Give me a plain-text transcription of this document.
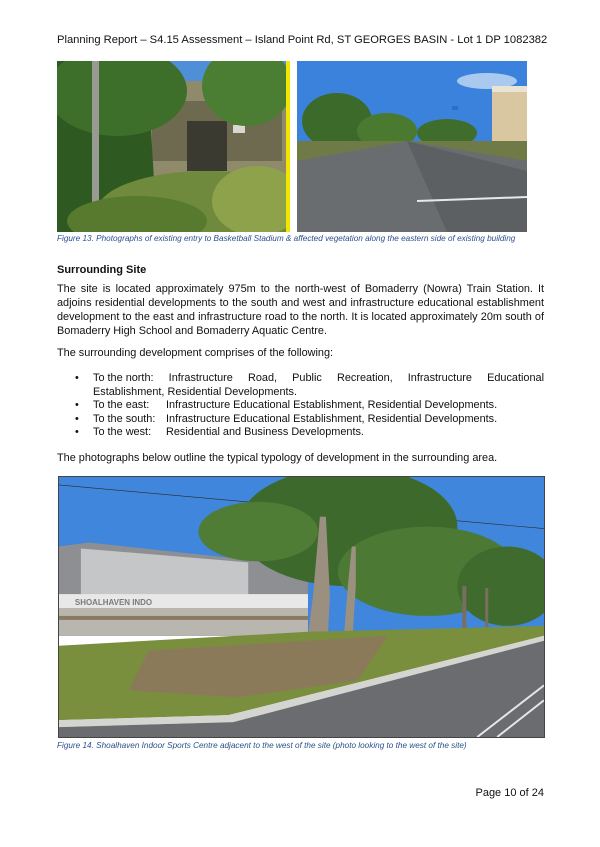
Planning Report – S4.15 Assessment – Island Point Rd, ST GEORGES BASIN - Lot 1 DP 1082382
Figure 13. Photographs of existing entry to Basketball Stadium & affected vegetation along the eastern side of existing building
Surrounding Site
The site is located approximately 975m to the north-west of Bomaderry (Nowra) Train Station. It adjoins residential developments to the south and west and infrastructure educational establishment development to the east and infrastructure road to the north. It is located approximately 20m south of Bomaderry High School and Bomaderry Aquatic Centre.
The surrounding development comprises of the following:
• To the north: Infrastructure Road, Public Recreation, Infrastructure Educational
Establishment, Residential Developments.
• To the east: Infrastructure Educational Establishment, Residential Developments.
• To the south: Infrastructure Educational Establishment, Residential Developments.
• To the west: Residential and Business Developments.
The photographs below outline the typical typology of development in the surrounding area.
SHOALHAVEN INDO
Figure 14. Shoalhaven Indoor Sports Centre adjacent to the west of the site (photo looking to the west of the site)
Page 10 of 24
